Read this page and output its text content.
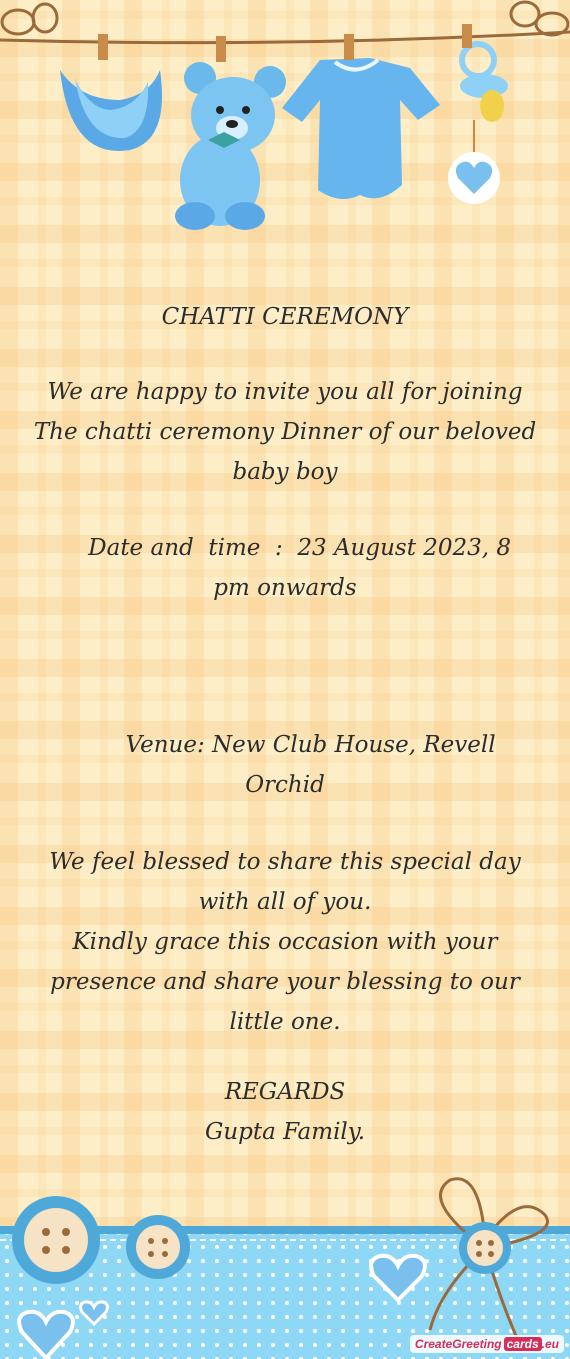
CHATTI CEREMONY
We are happy to invite you all for joining
The chatti ceremony Dinner of our beloved
baby boy
Date and  time  :  23 August 2023, 8
pm onwards
Venue: New Club House, Revell
Orchid
We feel blessed to share this special day
with all of you.
Kindly grace this occasion with your
presence and share your blessing to our
little one.
REGARDS
Gupta Family.
CreateGreeting cards .eu
